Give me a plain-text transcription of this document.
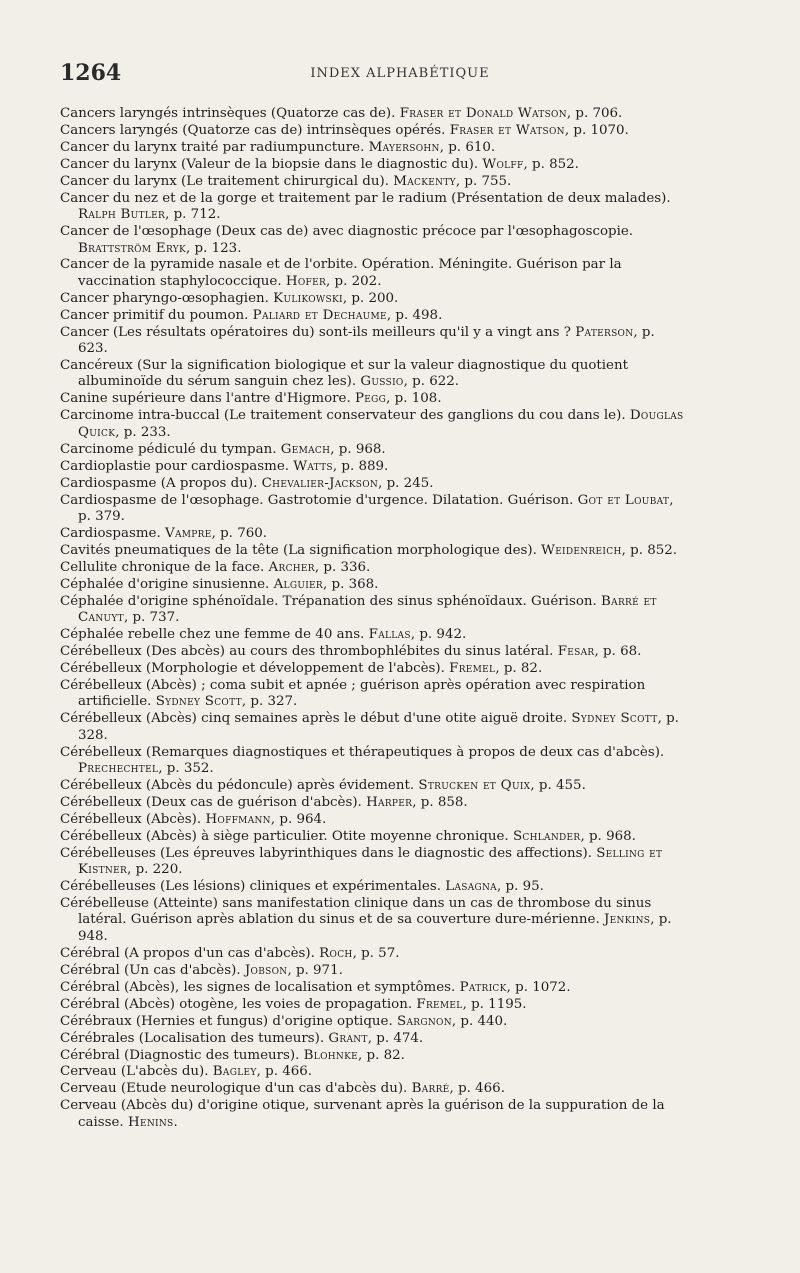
1264	INDEX ALPHABÉTIQUE
Cancers laryngés intrinsèques (Quatorze cas de). Fraser et Donald Watson, p. 706.
Cancers laryngés (Quatorze cas de) intrinsèques opérés. Fraser et Watson, p. 1070.
Cancer du larynx traité par radiumpuncture. Mayersohn, p. 610.
Cancer du larynx (Valeur de la biopsie dans le diagnostic du). Wolff, p. 852.
Cancer du larynx (Le traitement chirurgical du). Mackenty, p. 755.
Cancer du nez et de la gorge et traitement par le radium (Présentation de deux malades). Ralph Butler, p. 712.
Cancer de l'œsophage (Deux cas de) avec diagnostic précoce par l'œsophagoscopie. Brattström Eryk, p. 123.
Cancer de la pyramide nasale et de l'orbite. Opération. Méningite. Guérison par la vaccination staphylococcique. Hofer, p. 202.
Cancer pharyngo-œsophagien. Kulikowski, p. 200.
Cancer primitif du poumon. Paliard et Dechaume, p. 498.
Cancer (Les résultats opératoires du) sont-ils meilleurs qu'il y a vingt ans ? Paterson, p. 623.
Cancéreux (Sur la signification biologique et sur la valeur diagnostique du quotient albuminoïde du sérum sanguin chez les). Gussio, p. 622.
Canine supérieure dans l'antre d'Higmore. Pegg, p. 108.
Carcinome intra-buccal (Le traitement conservateur des ganglions du cou dans le). Douglas Quick, p. 233.
Carcinome pédiculé du tympan. Gemach, p. 968.
Cardioplastie pour cardiospasme. Watts, p. 889.
Cardiospasme (A propos du). Chevalier-Jackson, p. 245.
Cardiospasme de l'œsophage. Gastrotomie d'urgence. Dilatation. Guérison. Got et Loubat, p. 379.
Cardiospasme. Vampre, p. 760.
Cavités pneumatiques de la tête (La signification morphologique des). Weidenreich, p. 852.
Cellulite chronique de la face. Archer, p. 336.
Céphalée d'origine sinusienne. Alguier, p. 368.
Céphalée d'origine sphénoïdale. Trépanation des sinus sphénoïdaux. Guérison. Barré et Canuyt, p. 737.
Céphalée rebelle chez une femme de 40 ans. Fallas, p. 942.
Cérébelleux (Des abcès) au cours des thrombophlébites du sinus latéral. Fesar, p. 68.
Cérébelleux (Morphologie et développement de l'abcès). Fremel, p. 82.
Cérébelleux (Abcès) ; coma subit et apnée ; guérison après opération avec respiration artificielle. Sydney Scott, p. 327.
Cérébelleux (Abcès) cinq semaines après le début d'une otite aiguë droite. Sydney Scott, p. 328.
Cérébelleux (Remarques diagnostiques et thérapeutiques à propos de deux cas d'abcès). Prechechtel, p. 352.
Cérébelleux (Abcès du pédoncule) après évidement. Strucken et Quix, p. 455.
Cérébelleux (Deux cas de guérison d'abcès). Harper, p. 858.
Cérébelleux (Abcès). Hoffmann, p. 964.
Cérébelleux (Abcès) à siège particulier. Otite moyenne chronique. Schlander, p. 968.
Cérébelleuses (Les épreuves labyrinthiques dans le diagnostic des affections). Selling et Kistner, p. 220.
Cérébelleuses (Les lésions) cliniques et expérimentales. Lasagna, p. 95.
Cérébelleuse (Atteinte) sans manifestation clinique dans un cas de thrombose du sinus latéral. Guérison après ablation du sinus et de sa couverture dure-mérienne. Jenkins, p. 948.
Cérébral (A propos d'un cas d'abcès). Roch, p. 57.
Cérébral (Un cas d'abcès). Jobson, p. 971.
Cérébral (Abcès), les signes de localisation et symptômes. Patrick, p. 1072.
Cérébral (Abcès) otogène, les voies de propagation. Fremel, p. 1195.
Cérébraux (Hernies et fungus) d'origine optique. Sargnon, p. 440.
Cérébrales (Localisation des tumeurs). Grant, p. 474.
Cérébral (Diagnostic des tumeurs). Blohnke, p. 82.
Cerveau (L'abcès du). Bagley, p. 466.
Cerveau (Etude neurologique d'un cas d'abcès du). Barré, p. 466.
Cerveau (Abcès du) d'origine otique, survenant après la guérison de la suppuration de la caisse. Henins.
